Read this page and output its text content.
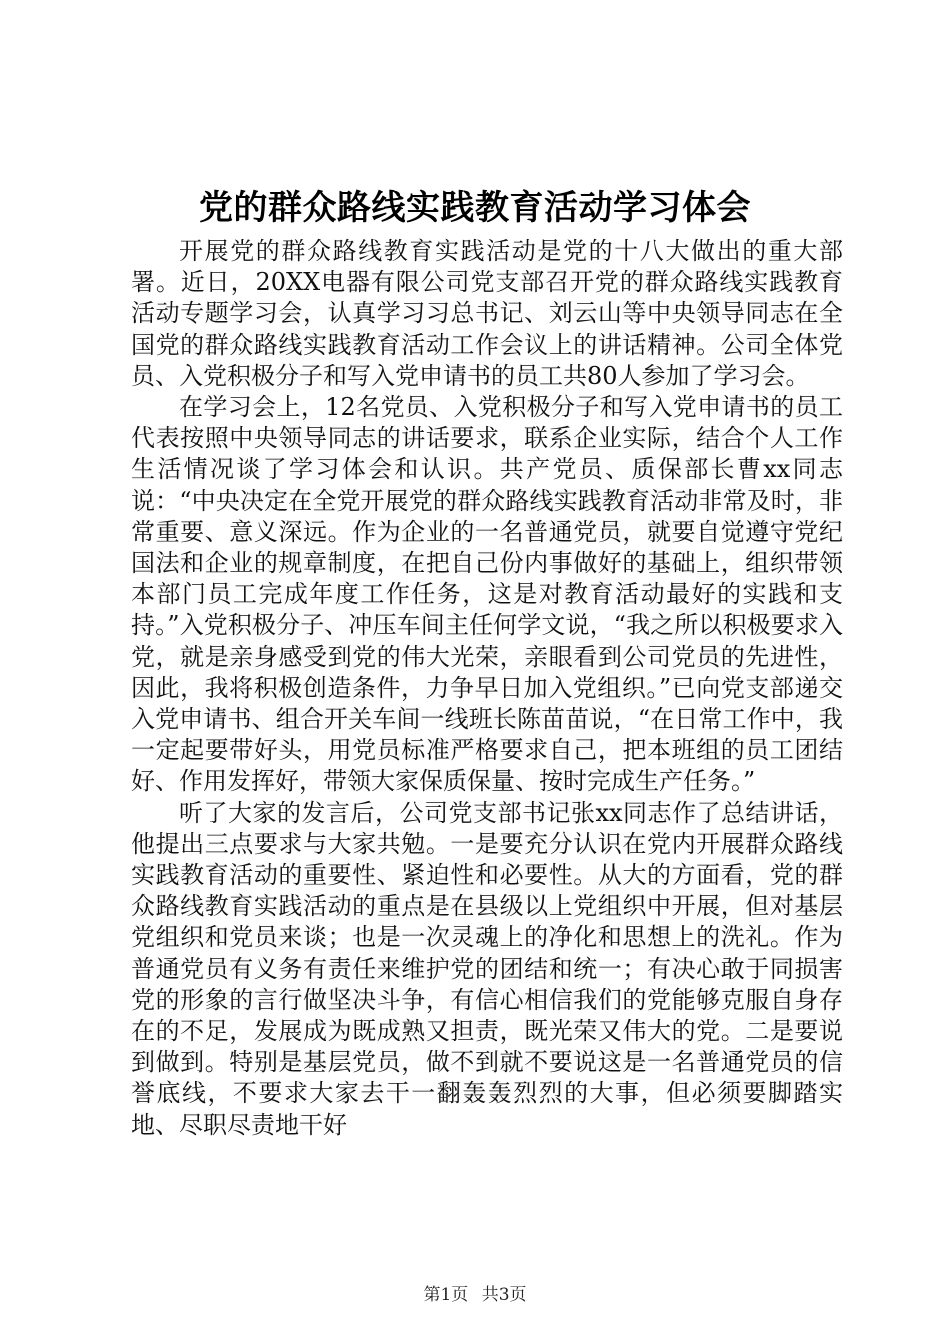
党的群众路线实践教育活动学习体会

开展党的群众路线教育实践活动是党的十八大做出的重大部署。近日，20XX电器有限公司党支部召开党的群众路线实践教育活动专题学习会，认真学习习总书记、刘云山等中央领导同志在全国党的群众路线实践教育活动工作会议上的讲话精神。公司全体党员、入党积极分子和写入党申请书的员工共80人参加了学习会。

在学习会上，12名党员、入党积极分子和写入党申请书的员工代表按照中央领导同志的讲话要求，联系企业实际，结合个人工作生活情况谈了学习体会和认识。共产党员、质保部长曹xx同志说：“中央决定在全党开展党的群众路线实践教育活动非常及时，非常重要、意义深远。作为企业的一名普通党员，就要自觉遵守党纪国法和企业的规章制度，在把自己份内事做好的基础上，组织带领本部门员工完成年度工作任务，这是对教育活动最好的实践和支持。”入党积极分子、冲压车间主任何学文说，“我之所以积极要求入党，就是亲身感受到党的伟大光荣，亲眼看到公司党员的先进性，因此，我将积极创造条件，力争早日加入党组织。”已向党支部递交入党申请书、组合开关车间一线班长陈苗苗说，“在日常工作中，我一定起要带好头，用党员标准严格要求自己，把本班组的员工团结好、作用发挥好，带领大家保质保量、按时完成生产任务。”

听了大家的发言后，公司党支部书记张xx同志作了总结讲话，他提出三点要求与大家共勉。一是要充分认识在党内开展群众路线实践教育活动的重要性、紧迫性和必要性。从大的方面看，党的群众路线教育实践活动的重点是在县级以上党组织中开展，但对基层党组织和党员来谈；也是一次灵魂上的净化和思想上的洗礼。作为普通党员有义务有责任来维护党的团结和统一；有决心敢于同损害党的形象的言行做坚决斗争，有信心相信我们的党能够克服自身存在的不足，发展成为既成熟又担责，既光荣又伟大的党。二是要说到做到。特别是基层党员，做不到就不要说这是一名普通党员的信誉底线，不要求大家去干一翻轰轰烈烈的大事，但必须要脚踏实地、尽职尽责地干好

第1页 共3页
